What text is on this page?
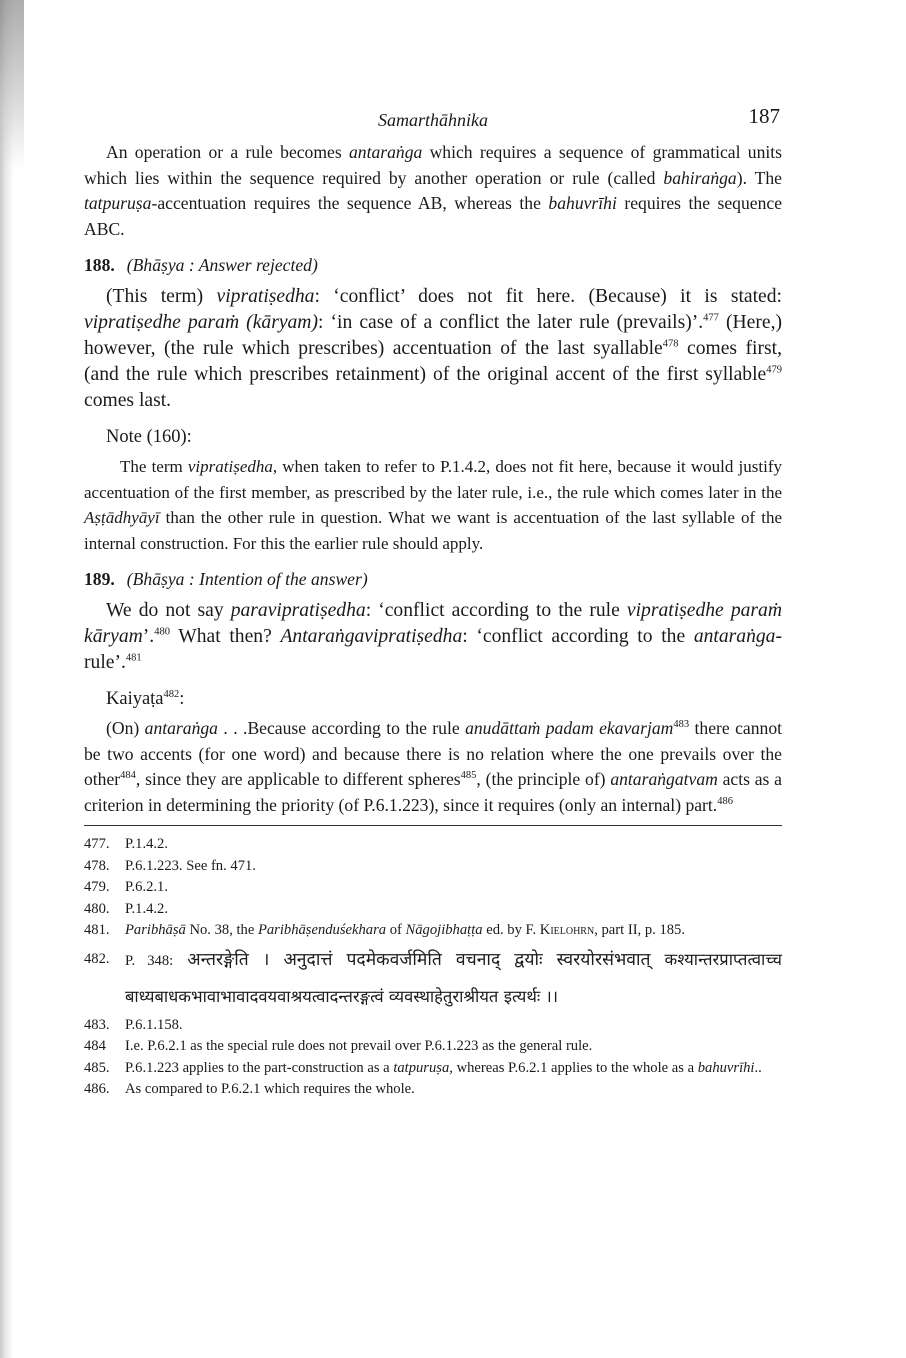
Samarthāhnika	187

An operation or a rule becomes antaraṅga which requires a sequence of grammatical units which lies within the sequence required by another operation or rule (called bahiraṅga). The tatpuruṣa-accentuation requires the sequence AB, whereas the bahuvrīhi requires the sequence ABC.

188. (Bhāṣya : Answer rejected)

(This term) vipratiṣedha: ‘conflict’ does not fit here. (Because) it is stated: vipratiṣedhe paraṁ (kāryam): ‘in case of a conflict the later rule (prevails)’.$^{477}$ (Here,) however, (the rule which prescribes) accentuation of the last syallable$^{478}$ comes first, (and the rule which prescribes retainment) of the original accent of the first syllable$^{479}$ comes last.

Note (160):

The term vipratiṣedha, when taken to refer to P.1.4.2, does not fit here, because it would justify accentuation of the first member, as prescribed by the later rule, i.e., the rule which comes later in the Aṣṭādhyāyī than the other rule in question. What we want is accentuation of the last syllable of the internal construction. For this the earlier rule should apply.

189. (Bhāṣya : Intention of the answer)

We do not say paravipratiṣedha: ‘conflict according to the rule vipratiṣedhe paraṁ kāryam’.$^{480}$ What then? Antaraṅgavipratiṣedha: ‘conflict according to the antaraṅga-rule’.$^{481}$

Kaiyaṭa$^{482}$:

(On) antaraṅga . . .Because according to the rule anudāttaṁ padam ekavarjam$^{483}$ there cannot be two accents (for one word) and because there is no relation where the one prevails over the other$^{484}$, since they are applicable to different spheres$^{485}$, (the principle of) antaraṅgatvam acts as a criterion in determining the priority (of P.6.1.223), since it requires (only an internal) part.$^{486}$

477.	P.1.4.2.
478.	P.6.1.223. See fn. 471.
479.	P.6.2.1.
480.	P.1.4.2.
481.	Paribhāṣā No. 38, the Paribhāṣenduśekhara of Nāgojibhaṭṭa ed. by F. Kielohrn, part II, p. 185.
482.	P. 348: अन्तरङ्गेति । अनुदात्तं पदमेकवर्जमिति वचनाद् द्वयोः स्वरयोरसंभवात् कश्यान्तरप्राप्तत्वाच्च बाध्यबाधकभावाभावादवयवाश्रयत्वादन्तरङ्गत्वं व्यवस्थाहेतुराश्रीयत इत्यर्थः ।।
483.	P.6.1.158.
484	I.e. P.6.2.1 as the special rule does not prevail over P.6.1.223 as the general rule.
485.	P.6.1.223 applies to the part-construction as a tatpuruṣa, whereas P.6.2.1 applies to the whole as a bahuvrīhi..
486.	As compared to P.6.2.1 which requires the whole.
